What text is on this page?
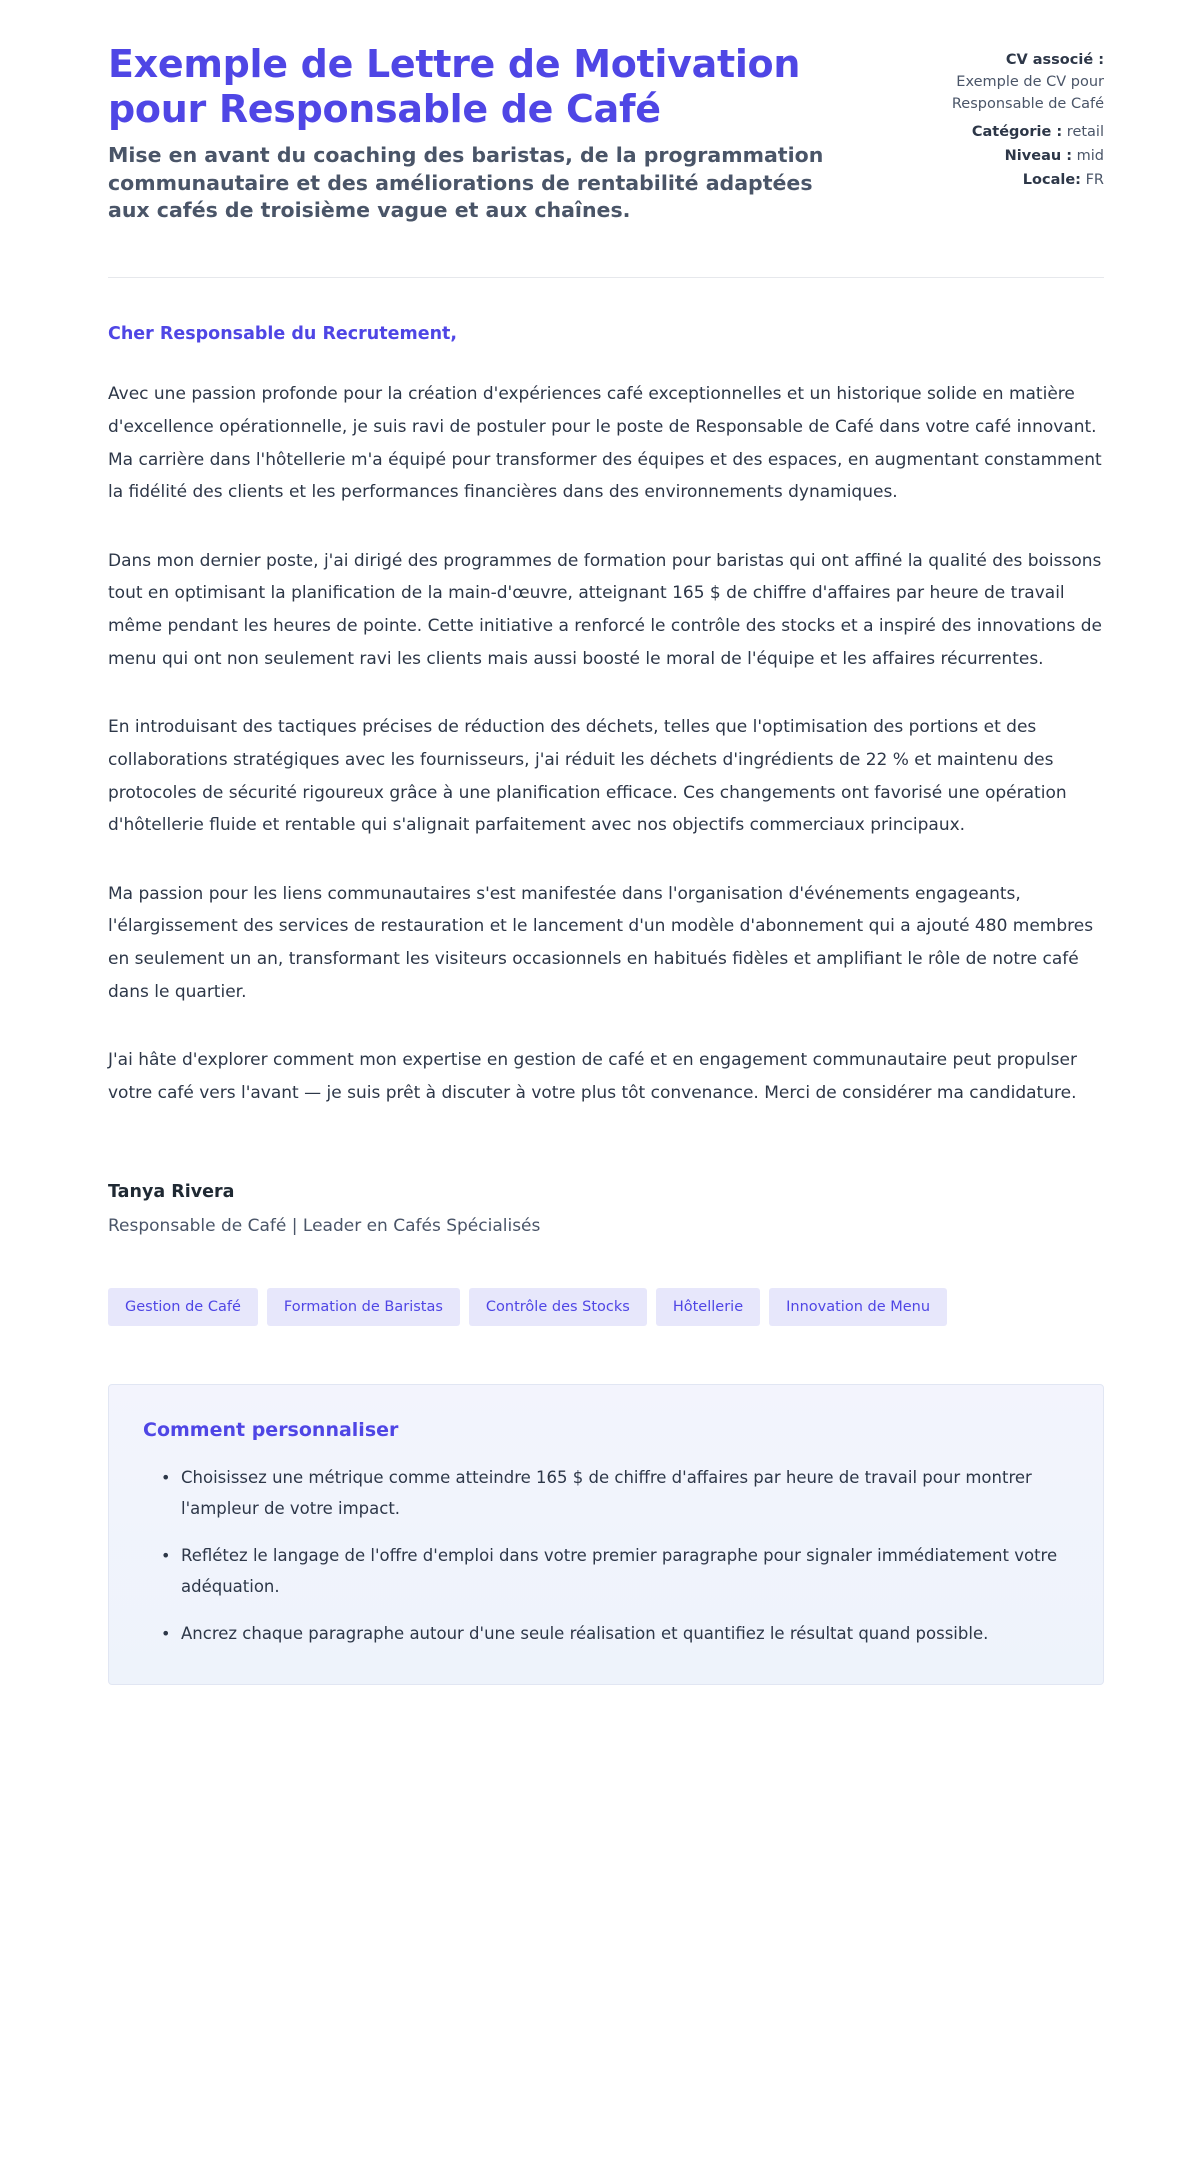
Exemple de Lettre de Motivation pour Responsable de Café

Mise en avant du coaching des baristas, de la programmation communautaire et des améliorations de rentabilité adaptées aux cafés de troisième vague et aux chaînes.

CV associé :
Exemple de CV pour Responsable de Café
Catégorie : retail
Niveau : mid
Locale: FR

Cher Responsable du Recrutement,

Avec une passion profonde pour la création d'expériences café exceptionnelles et un historique solide en matière d'excellence opérationnelle, je suis ravi de postuler pour le poste de Responsable de Café dans votre café innovant. Ma carrière dans l'hôtellerie m'a équipé pour transformer des équipes et des espaces, en augmentant constamment la fidélité des clients et les performances financières dans des environnements dynamiques.

Dans mon dernier poste, j'ai dirigé des programmes de formation pour baristas qui ont affiné la qualité des boissons tout en optimisant la planification de la main-d'œuvre, atteignant 165 $ de chiffre d'affaires par heure de travail même pendant les heures de pointe. Cette initiative a renforcé le contrôle des stocks et a inspiré des innovations de menu qui ont non seulement ravi les clients mais aussi boosté le moral de l'équipe et les affaires récurrentes.

En introduisant des tactiques précises de réduction des déchets, telles que l'optimisation des portions et des collaborations stratégiques avec les fournisseurs, j'ai réduit les déchets d'ingrédients de 22 % et maintenu des protocoles de sécurité rigoureux grâce à une planification efficace. Ces changements ont favorisé une opération d'hôtellerie fluide et rentable qui s'alignait parfaitement avec nos objectifs commerciaux principaux.

Ma passion pour les liens communautaires s'est manifestée dans l'organisation d'événements engageants, l'élargissement des services de restauration et le lancement d'un modèle d'abonnement qui a ajouté 480 membres en seulement un an, transformant les visiteurs occasionnels en habitués fidèles et amplifiant le rôle de notre café dans le quartier.

J'ai hâte d'explorer comment mon expertise en gestion de café et en engagement communautaire peut propulser votre café vers l'avant — je suis prêt à discuter à votre plus tôt convenance. Merci de considérer ma candidature.

Tanya Rivera

Responsable de Café | Leader en Cafés Spécialisés

Gestion de Café	Formation de Baristas	Contrôle des Stocks	Hôtellerie	Innovation de Menu
Comment personnaliser
• Choisissez une métrique comme atteindre 165 $ de chiffre d'affaires par heure de travail pour montrer l'ampleur de votre impact.
• Reflétez le langage de l'offre d'emploi dans votre premier paragraphe pour signaler immédiatement votre adéquation.
• Ancrez chaque paragraphe autour d'une seule réalisation et quantifiez le résultat quand possible.
